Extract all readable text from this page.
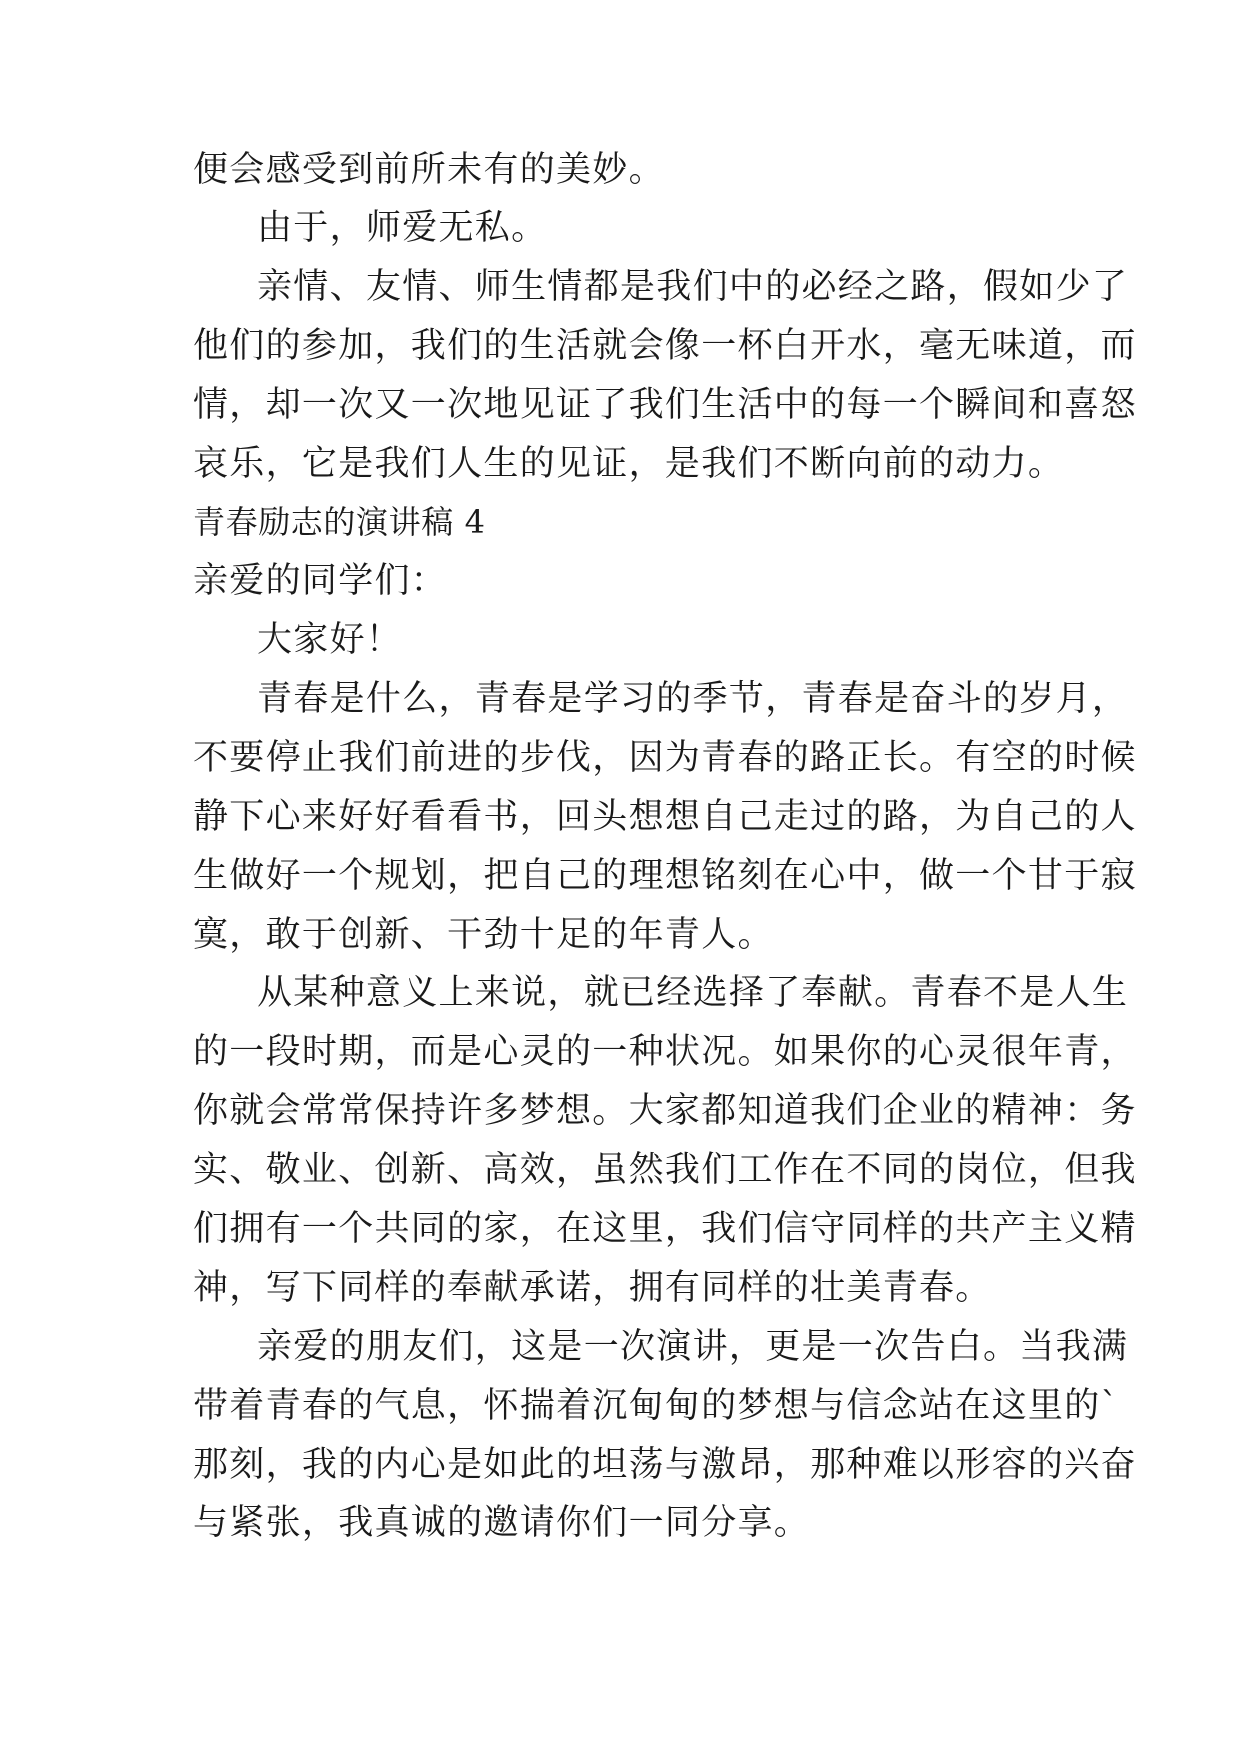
便会感受到前所未有的美妙。

由于，师爱无私。

亲情、友情、师生情都是我们中的必经之路，假如少了

他们的参加，我们的生活就会像一杯白开水，毫无味道，而

情，却一次又一次地见证了我们生活中的每一个瞬间和喜怒

哀乐，它是我们人生的见证，是我们不断向前的动力。

青春励志的演讲稿 4

亲爱的同学们：

大家好！

青春是什么，青春是学习的季节，青春是奋斗的岁月，

不要停止我们前进的步伐，因为青春的路正长。有空的时候

静下心来好好看看书，回头想想自己走过的路，为自己的人

生做好一个规划，把自己的理想铭刻在心中，做一个甘于寂

寞，敢于创新、干劲十足的年青人。

从某种意义上来说，就已经选择了奉献。青春不是人生

的一段时期，而是心灵的一种状况。如果你的心灵很年青，

你就会常常保持许多梦想。大家都知道我们企业的精神：务

实、敬业、创新、高效，虽然我们工作在不同的岗位，但我

们拥有一个共同的家，在这里，我们信守同样的共产主义精

神，写下同样的奉献承诺，拥有同样的壮美青春。

亲爱的朋友们，这是一次演讲，更是一次告白。当我满

带着青春的气息，怀揣着沉甸甸的梦想与信念站在这里的`

那刻，我的内心是如此的坦荡与激昂，那种难以形容的兴奋

与紧张，我真诚的邀请你们一同分享。
